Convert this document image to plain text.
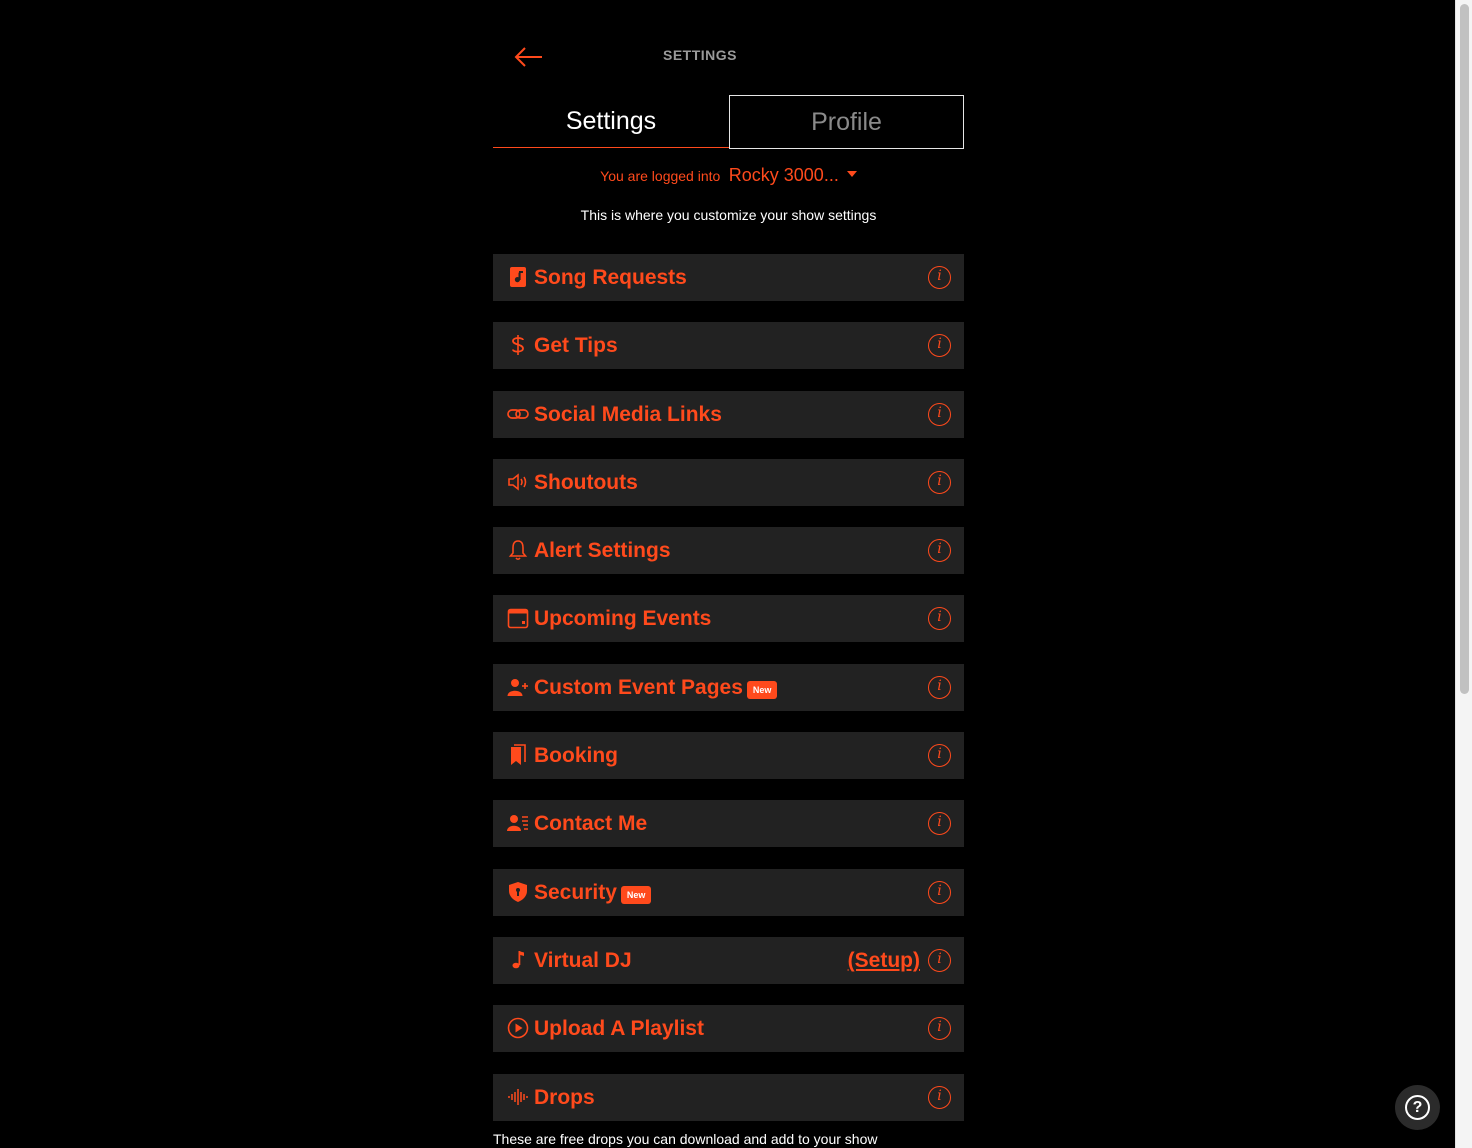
SETTINGS
Settings	Profile
You are logged into Rocky 3000...
This is where you customize your show settings
Song Requests	i
Get Tips	i
Social Media Links	i
Shoutouts	i
Alert Settings	i
Upcoming Events	i
Custom Event Pages New	i
Booking	i
Contact Me	i
Security New	i
Virtual DJ	(Setup)	i
Upload A Playlist	i
Drops	i
These are free drops you can download and add to your show
?
